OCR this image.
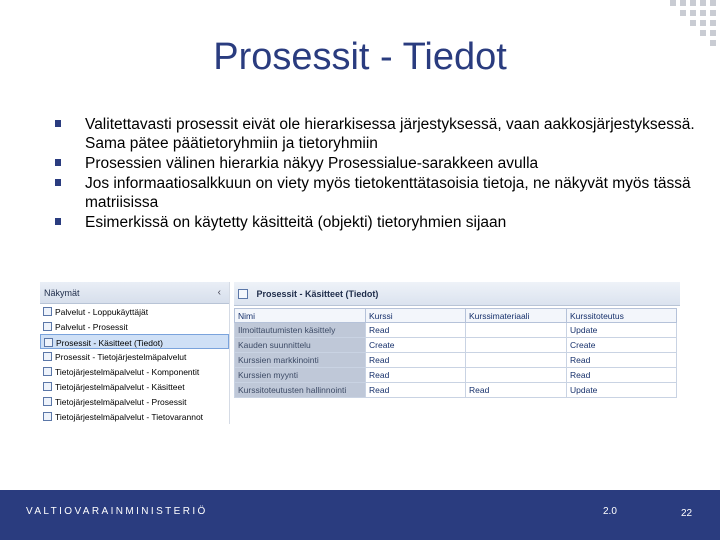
Prosessit - Tiedot
Valitettavasti prosessit eivät ole hierarkisessa järjestyksessä, vaan aakkosjärjestyksessä. Sama pätee päätietoryhmiin ja tietoryhmiin
Prosessien välinen hierarkia näkyy Prosessialue-sarakkeen avulla
Jos informaatiosalkkuun on viety myös tietokenttätasoisia tietoja, ne näkyvät myös tässä matriisissa
Esimerkissä on käytetty käsitteitä (objekti) tietoryhmien sijaan
Näkymät	‹
Palvelut - Loppukäyttäjät
Palvelut - Prosessit
Prosessit - Käsitteet (Tiedot)
Prosessit - Tietojärjestelmäpalvelut
Tietojärjestelmäpalvelut - Komponentit
Tietojärjestelmäpalvelut - Käsitteet
Tietojärjestelmäpalvelut - Prosessit
Tietojärjestelmäpalvelut - Tietovarannot
Prosessit - Käsitteet (Tiedot)
Nimi	Kurssi	Kurssimateriaali	Kurssitoteutus
Ilmoittautumisten käsittely	Read		Update
Kauden suunnittelu	Create		Create
Kurssien markkinointi	Read		Read
Kurssien myynti	Read		Read
Kurssitoteutusten hallinnointi	Read	Read	Update
VALTIOVARAINMINISTERIÖ	2.0	22
